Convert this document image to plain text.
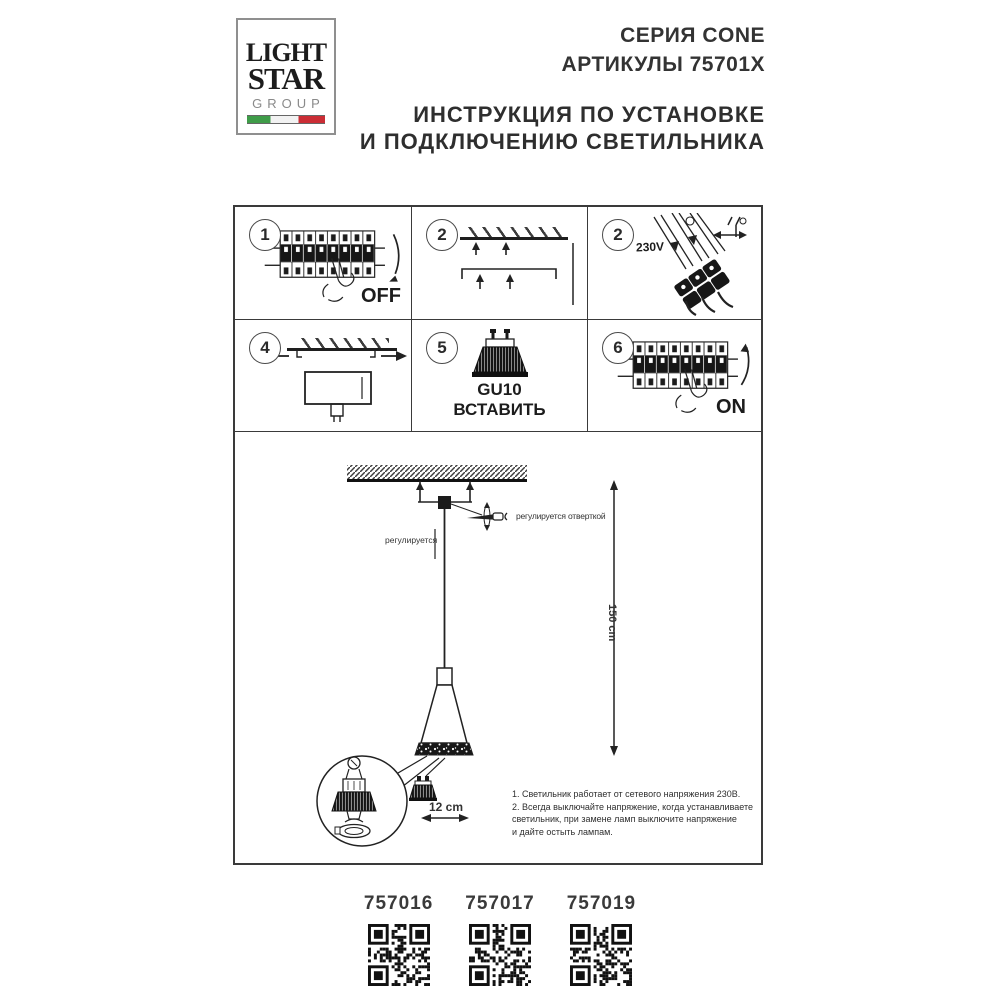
LIGHT
STAR
GROUP
СЕРИЯ CONE
АРТИКУЛЫ 75701X
ИНСТРУКЦИЯ ПО УСТАНОВКЕ
И ПОДКЛЮЧЕНИЮ СВЕТИЛЬНИКА
1
OFF
2	2
230V
4	5
GU10
ВСТАВИТЬ
6
ON
регулируется
регулируется отверткой
150 cm
12 cm
1. Светильник работает от сетевого напряжения 230В.
2. Всегда выключайте напряжение, когда устанавливаете
светильник, при замене ламп выключите напряжение
и дайте остыть лампам.
757016 757017 757019
